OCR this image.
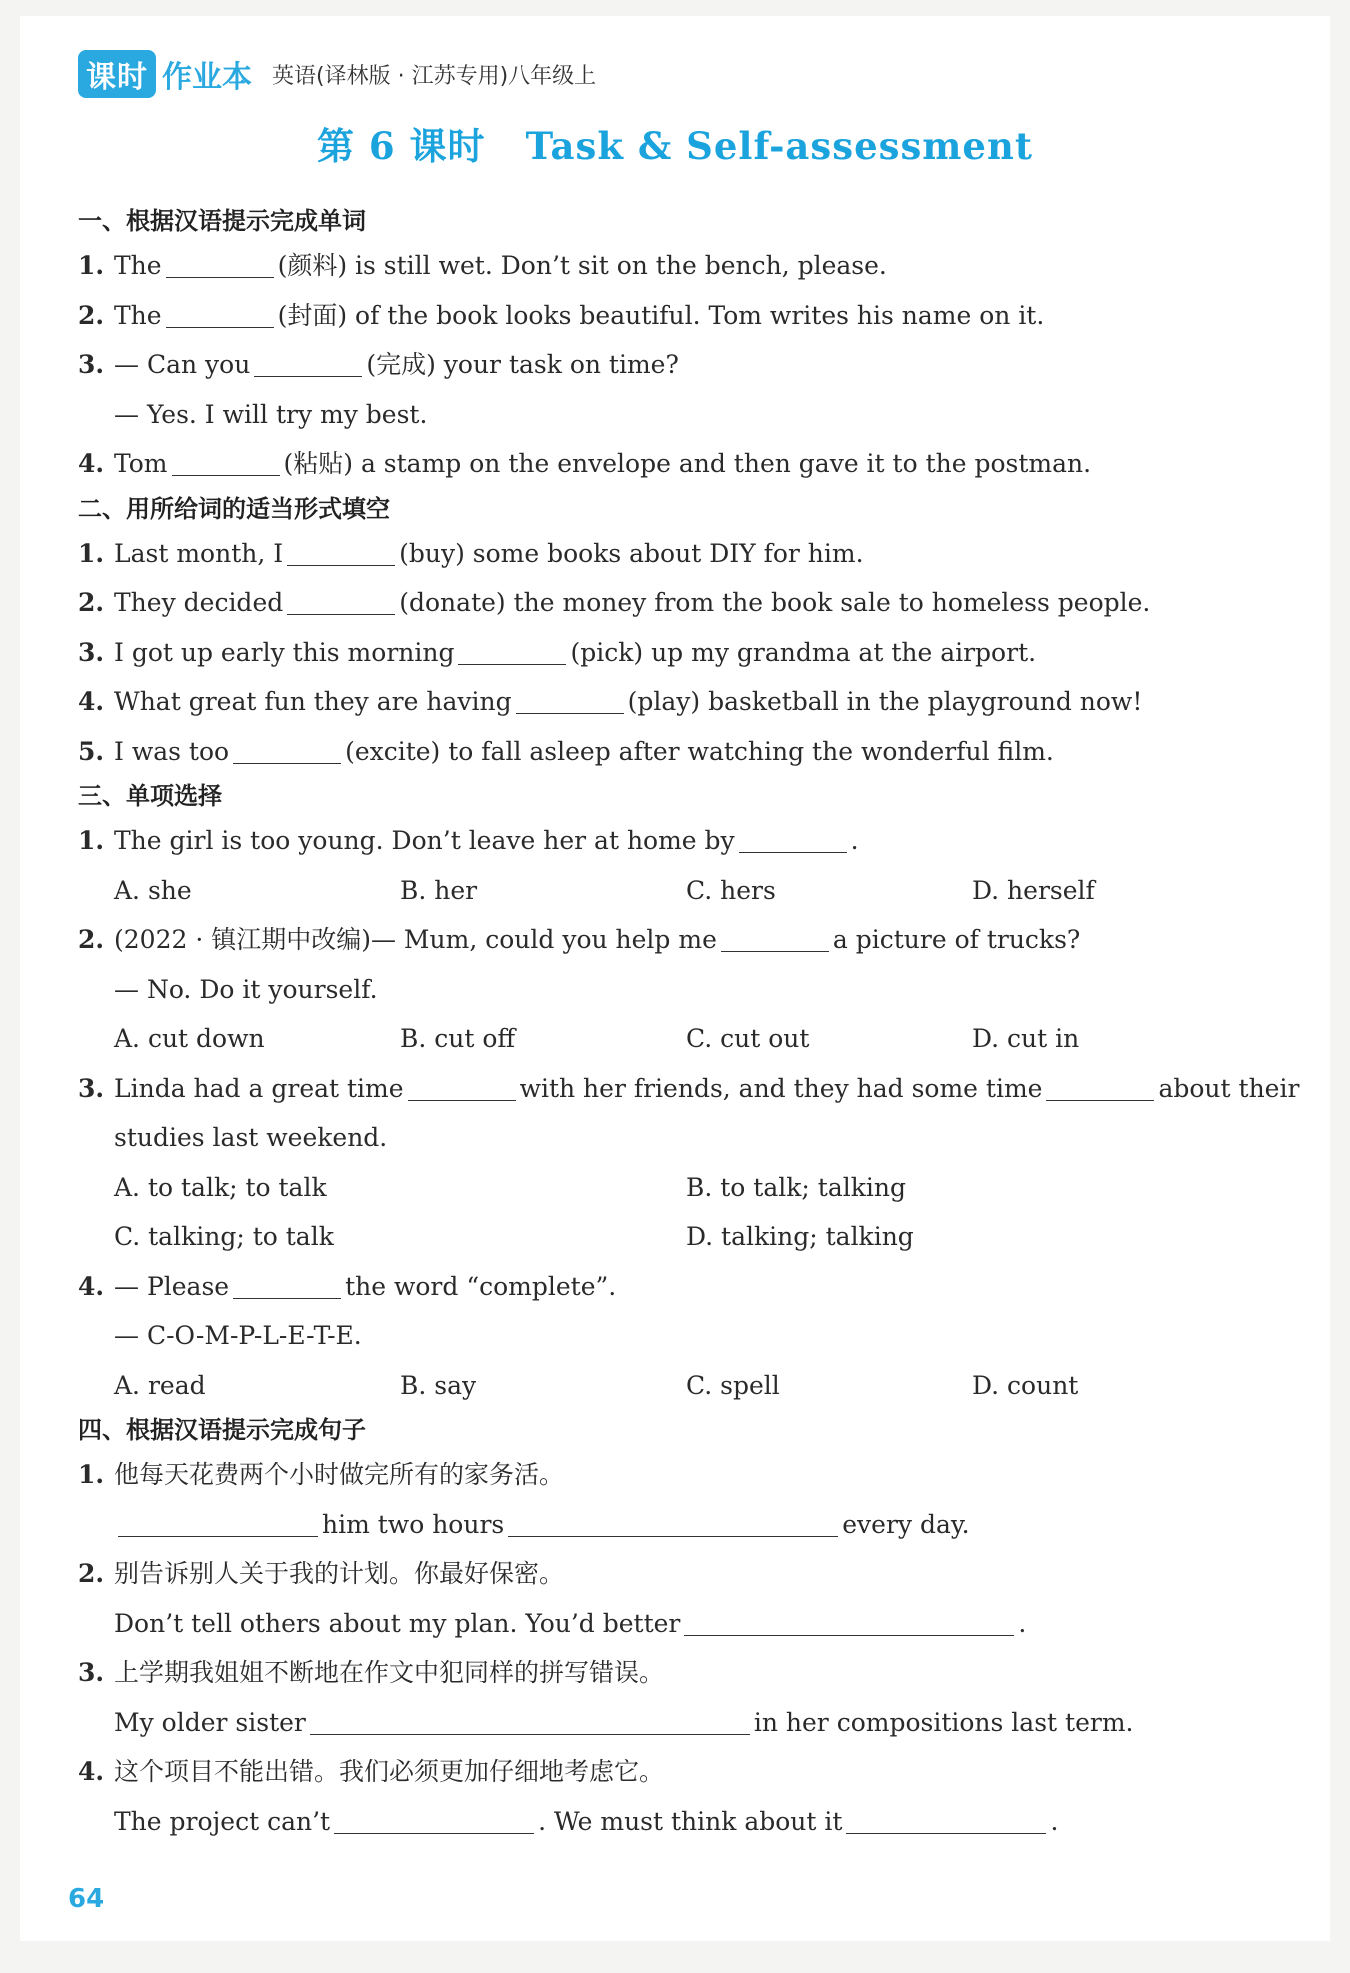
课时 作业本 英语(译林版 · 江苏专用)八年级上
第 6 课时 Task & Self-assessment
一、根据汉语提示完成单词
1. The	(颜料) is still wet. Don’t sit on the bench, please.
2. The	(封面) of the book looks beautiful. Tom writes his name on it.
3. — Can you	(完成) your task on time?
— Yes. I will try my best.
4. Tom	(粘贴) a stamp on the envelope and then gave it to the postman.
二、用所给词的适当形式填空
1. Last month, I	(buy) some books about DIY for him.
2. They decided	(donate) the money from the book sale to homeless people.
3. I got up early this morning	(pick) up my grandma at the airport.
4. What great fun they are having	(play) basketball in the playground now!
5. I was too	(excite) to fall asleep after watching the wonderful film.
三、单项选择
1. The girl is too young. Don’t leave her at home by	.
A. she	B. her	C. hers	D. herself
2. (2022 · 镇江期中改编)— Mum, could you help me	a picture of trucks?
— No. Do it yourself.
A. cut down	B. cut off	C. cut out	D. cut in
3. Linda had a great time	with her friends, and they had some time	about their
studies last weekend.
A. to talk; to talk	B. to talk; talking
C. talking; to talk	D. talking; talking
4. — Please	the word “complete”.
— C-O-M-P-L-E-T-E.
A. read	B. say	C. spell	D. count
四、根据汉语提示完成句子
1. 他每天花费两个小时做完所有的家务活。
him two hours	every day.
2. 别告诉别人关于我的计划。你最好保密。
Don’t tell others about my plan. You’d better	.
3. 上学期我姐姐不断地在作文中犯同样的拼写错误。
My older sister	in her compositions last term.
4. 这个项目不能出错。我们必须更加仔细地考虑它。
The project can’t	. We must think about it	.
64
